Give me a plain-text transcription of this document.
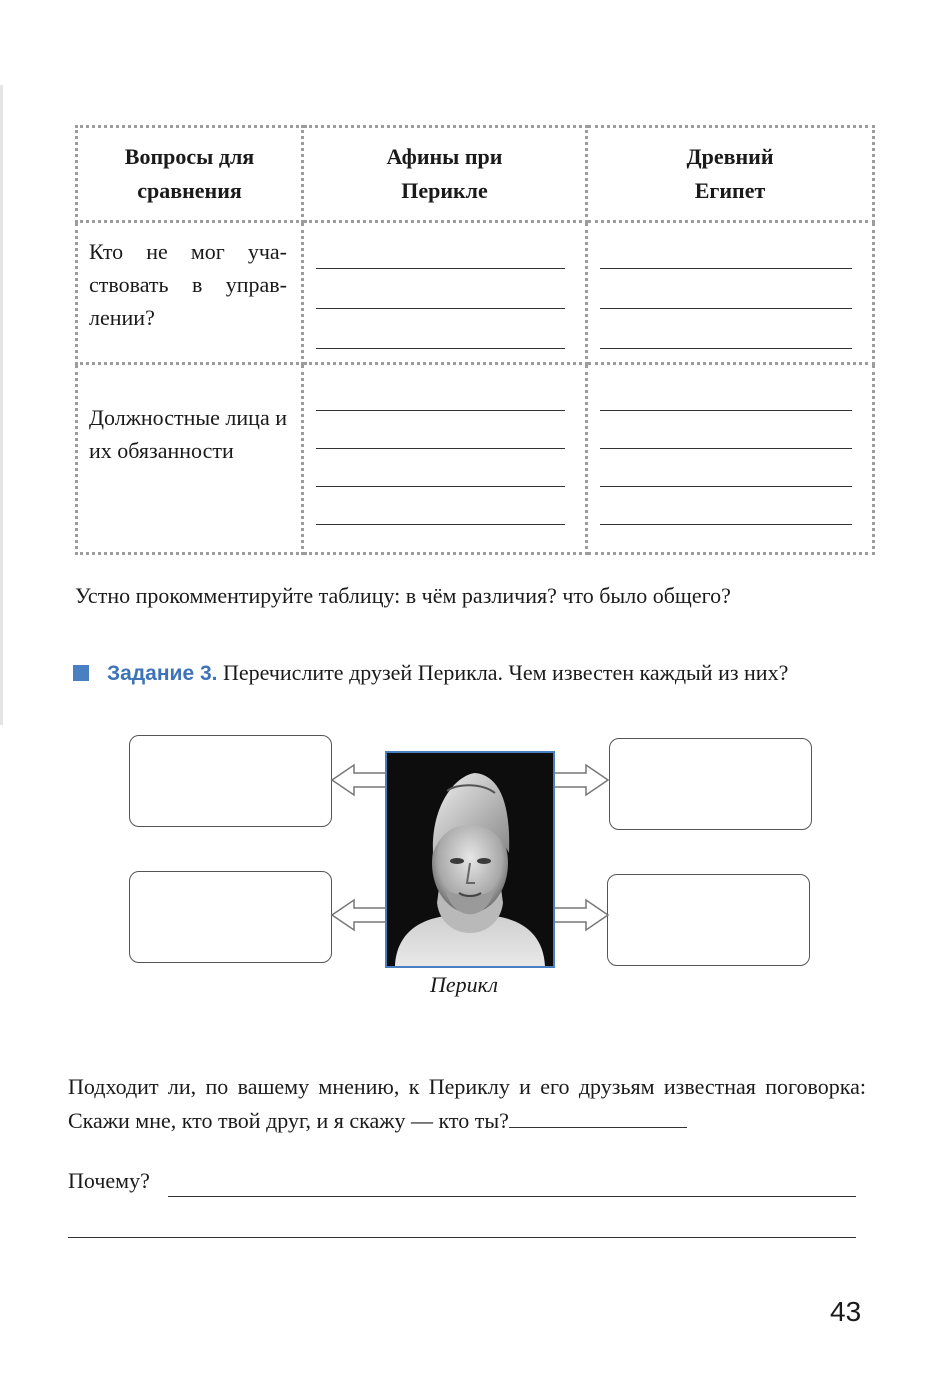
Вопросы для сравнения	Афины при Перикле	Древний Египет

Кто не мог участвовать в управлении?		

Должностные лица и их обязанности		

Устно прокомментируйте таблицу: в чём различия? что было общего?
Задание 3. Перечислите друзей Перикла. Чем известен каждый из них?
Перикл
Подходит ли, по вашему мнению, к Периклу и его друзьям известная поговорка: Скажи мне, кто твой друг, и я скажу — кто ты?
Почему?
43
